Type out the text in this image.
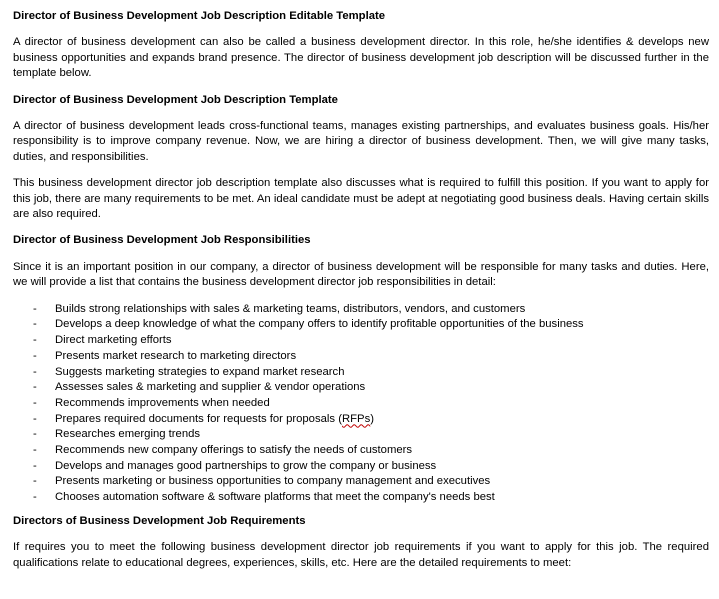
Director of Business Development Job Description Editable Template

A director of business development can also be called a business development director. In this role, he/she identifies & develops new business opportunities and expands brand presence. The director of business development job description will be discussed further in the template below.

Director of Business Development Job Description Template

A director of business development leads cross-functional teams, manages existing partnerships, and evaluates business goals. His/her responsibility is to improve company revenue. Now, we are hiring a director of business development. Then, we will give many tasks, duties, and responsibilities.

This business development director job description template also discusses what is required to fulfill this position. If you want to apply for this job, there are many requirements to be met. An ideal candidate must be adept at negotiating good business deals. Having certain skills are also required.

Director of Business Development Job Responsibilities

Since it is an important position in our company, a director of business development will be responsible for many tasks and duties. Here, we will provide a list that contains the business development director job responsibilities in detail:

- Builds strong relationships with sales & marketing teams, distributors, vendors, and customers
- Develops a deep knowledge of what the company offers to identify profitable opportunities of the business
- Direct marketing efforts
- Presents market research to marketing directors
- Suggests marketing strategies to expand market research
- Assesses sales & marketing and supplier & vendor operations
- Recommends improvements when needed
- Prepares required documents for requests for proposals (RFPs)
- Researches emerging trends
- Recommends new company offerings to satisfy the needs of customers
- Develops and manages good partnerships to grow the company or business
- Presents marketing or business opportunities to company management and executives
- Chooses automation software & software platforms that meet the company's needs best
Directors of Business Development Job Requirements

If requires you to meet the following business development director job requirements if you want to apply for this job. The required qualifications relate to educational degrees, experiences, skills, etc. Here are the detailed requirements to meet:
